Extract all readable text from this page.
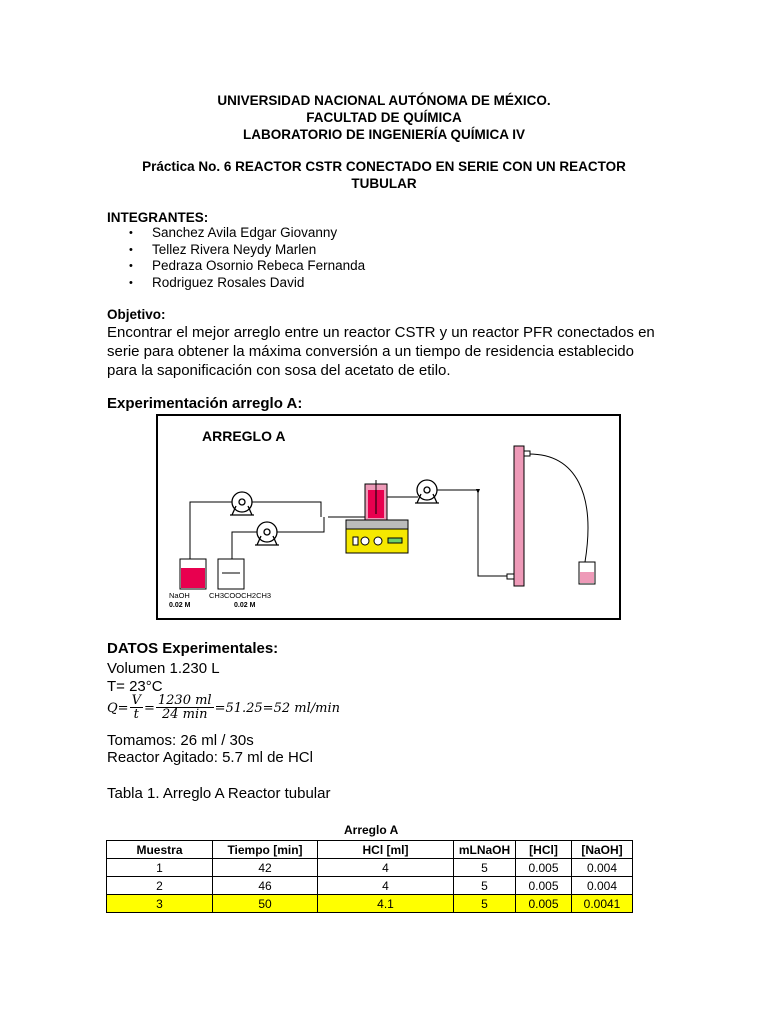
UNIVERSIDAD NACIONAL AUTÓNOMA DE MÉXICO.
FACULTAD DE QUÍMICA
LABORATORIO DE INGENIERÍA QUÍMICA IV
Práctica No. 6 REACTOR CSTR CONECTADO EN SERIE CON UN REACTOR
TUBULAR
INTEGRANTES:
• Sanchez Avila Edgar Giovanny
• Tellez Rivera Neydy Marlen
• Pedraza Osornio Rebeca Fernanda
• Rodriguez Rosales David
Objetivo:
Encontrar el mejor arreglo entre un reactor CSTR y un reactor PFR conectados en serie para obtener la máxima conversión a un tiempo de residencia establecido para la saponificación con sosa del acetato de etilo.
Experimentación arreglo A:
ARREGLO A
NaOH
0.02 M
CH3COOCH2CH3
0.02 M
DATOS Experimentales:
Volumen 1.230 L
T= 23°C
$Q = \frac{V}{t} = \frac{1230 ml}{24 \min} =51.25=52$ ml/min
Tomamos: 26 ml / 30s
Reactor Agitado: 5.7 ml de HCl
Tabla 1. Arreglo A Reactor tubular
Arreglo A
Muestra	Tiempo [min]	HCl [ml]	mLNaOH	[HCl]	[NaOH]
1	42	4	5	0.005	0.004
2	46	4	5	0.005	0.004
3	50	4.1	5	0.005	0.0041
